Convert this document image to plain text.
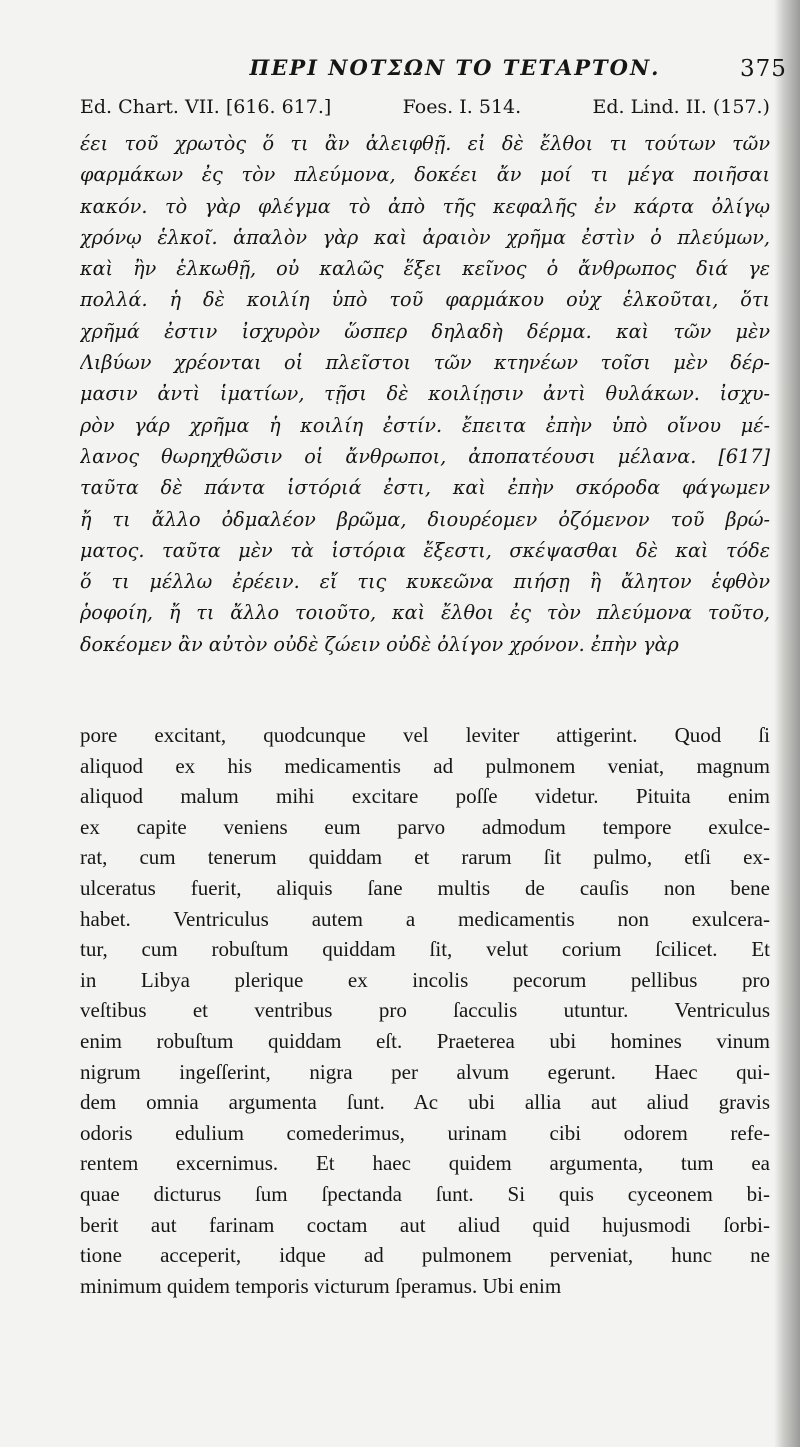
ΠΕΡΙ ΝΟΤΣΩΝ ΤΟ ΤΕΤΑΡΤΟΝ.	375
Ed. Chart. VII. [616. 617.]	Foes. I. 514.	Ed. Lind. II. (157.)
έει τοῦ χρωτὸς ὅ τι ἂν ἀλειφθῇ. εἰ δὲ ἔλθοι τι τούτων τῶν
φαρμάκων ἐς τὸν πλεύμονα, δοκέει ἄν μοί τι μέγα ποιῆσαι
κακόν. τὸ γὰρ φλέγμα τὸ ἀπὸ τῆς κεφαλῆς ἐν κάρτα ὀλίγῳ
χρόνῳ ἑλκοῖ. ἁπαλὸν γὰρ καὶ ἀραιὸν χρῆμα ἐστὶν ὁ πλεύμων,
καὶ ἢν ἑλκωθῇ, οὐ καλῶς ἕξει κεῖνος ὁ ἄνθρωπος διά γε
πολλά. ἡ δὲ κοιλίη ὑπὸ τοῦ φαρμάκου οὐχ ἑλκοῦται, ὅτι
χρῆμά ἐστιν ἰσχυρὸν ὥσπερ δηλαδὴ δέρμα. καὶ τῶν μὲν
Λιβύων χρέονται οἱ πλεῖστοι τῶν κτηνέων τοῖσι μὲν δέρ-
μασιν ἀντὶ ἱματίων, τῇσι δὲ κοιλίῃσιν ἀντὶ θυλάκων. ἰσχυ-
ρὸν γάρ χρῆμα ἡ κοιλίη ἐστίν. ἔπειτα ἐπὴν ὑπὸ οἴνου μέ-
λανος θωρηχθῶσιν οἱ ἄνθρωποι, ἀποπατέουσι μέλανα. [617]
ταῦτα δὲ πάντα ἱστόριά ἐστι, καὶ ἐπὴν σκόροδα φάγωμεν
ἤ τι ἄλλο ὀδμαλέον βρῶμα, διουρέομεν ὀζόμενον τοῦ βρώ-
ματος. ταῦτα μὲν τὰ ἱστόρια ἔξεστι, σκέψασθαι δὲ καὶ τόδε
ὅ τι μέλλω ἐρέειν. εἴ τις κυκεῶνα πιήσῃ ἢ ἄλητον ἑφθὸν
ῥοφοίη, ἤ τι ἄλλο τοιοῦτο, καὶ ἔλθοι ἐς τὸν πλεύμονα τοῦτο,
δοκέομεν ἂν αὐτὸν οὐδὲ ζώειν οὐδὲ ὀλίγον χρόνον. ἐπὴν γὰρ
pore excitant, quodcunque vel leviter attigerint. Quod ſi
aliquod ex his medicamentis ad pulmonem veniat, magnum
aliquod malum mihi excitare poſſe videtur. Pituita enim
ex capite veniens eum parvo admodum tempore exulce-
rat, cum tenerum quiddam et rarum ſit pulmo, etſi ex-
ulceratus fuerit, aliquis ſane multis de cauſis non bene
habet. Ventriculus autem a medicamentis non exulcera-
tur, cum robuſtum quiddam ſit, velut corium ſcilicet. Et
in Libya plerique ex incolis pecorum pellibus pro
veſtibus et ventribus pro ſacculis utuntur. Ventriculus
enim robuſtum quiddam eſt. Praeterea ubi homines vinum
nigrum ingeſſerint, nigra per alvum egerunt. Haec qui-
dem omnia argumenta ſunt. Ac ubi allia aut aliud gravis
odoris edulium comederimus, urinam cibi odorem refe-
rentem excernimus. Et haec quidem argumenta, tum ea
quae dicturus ſum ſpectanda ſunt. Si quis cyceonem bi-
berit aut farinam coctam aut aliud quid hujusmodi ſorbi-
tione acceperit, idque ad pulmonem perveniat, hunc ne
minimum quidem temporis victurum ſperamus. Ubi enim
